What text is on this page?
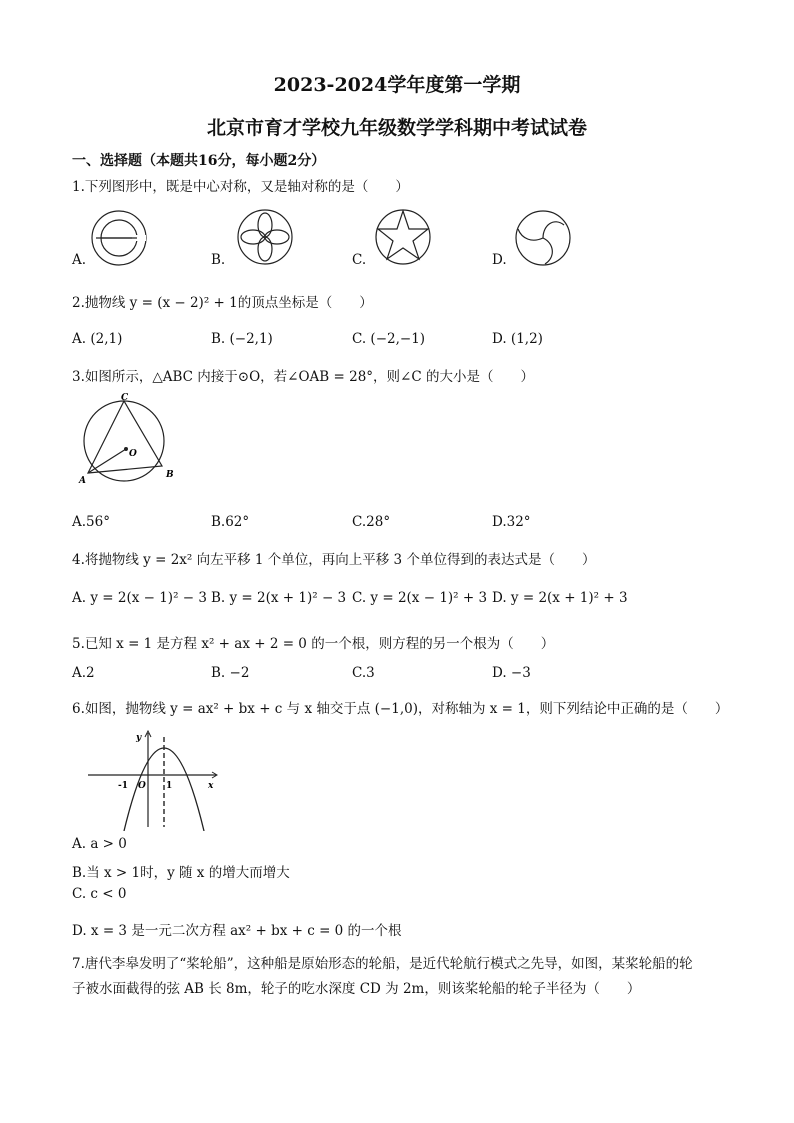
2023-2024学年度第一学期
北京市育才学校九年级数学学科期中考试试卷
一、选择题（本题共16分，每小题2分）
1.下列图形中，既是中心对称，又是轴对称的是（　　）
A.	B.	C.	D.
2.抛物线 y = (x − 2)² + 1的顶点坐标是（　　）
A. (2,1)	B. (−2,1)	C. (−2,−1)	D. (1,2)
3.如图所示，△ABC 内接于⊙O，若∠OAB = 28°，则∠C 的大小是（　　）
C
O
A
B
A.56°	B.62°	C.28°	D.32°
4.将抛物线 y = 2x² 向左平移 1 个单位，再向上平移 3 个单位得到的表达式是（　　）
A. y = 2(x − 1)² − 3 B. y = 2(x + 1)² − 3 C. y = 2(x − 1)² + 3 D. y = 2(x + 1)² + 3
5.已知 x = 1 是方程 x² + ax + 2 = 0 的一个根，则方程的另一个根为（　　）
A.2	B. −2	C.3	D. −3
6.如图，抛物线 y = ax² + bx + c 与 x 轴交于点 (−1,0)，对称轴为 x = 1，则下列结论中正确的是（　　）
y
-1 O 1	x
A. a > 0
B.当 x > 1时，y 随 x 的增大而增大
C. c < 0
D. x = 3 是一元二次方程 ax² + bx + c = 0 的一个根
7.唐代李皋发明了“桨轮船”，这种船是原始形态的轮船，是近代轮航行模式之先导，如图，某桨轮船的轮
子被水面截得的弦 AB 长 8m，轮子的吃水深度 CD 为 2m，则该桨轮船的轮子半径为（　　）
